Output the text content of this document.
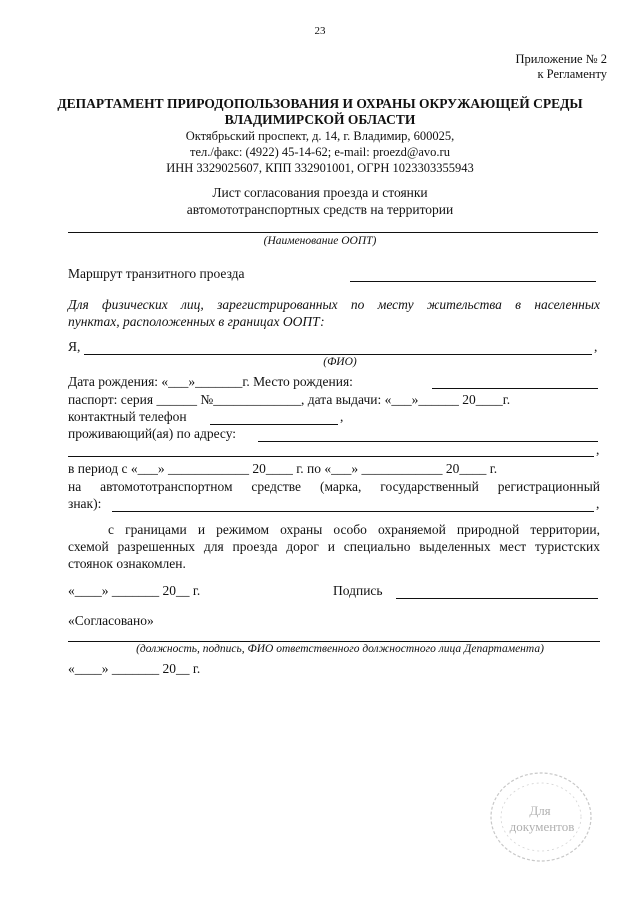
23
Приложение № 2
к Регламенту
ДЕПАРТАМЕНТ ПРИРОДОПОЛЬЗОВАНИЯ И ОХРАНЫ ОКРУЖАЮЩЕЙ СРЕДЫ
ВЛАДИМИРСКОЙ ОБЛАСТИ
Октябрьский проспект, д. 14, г. Владимир, 600025,
тел./факс: (4922) 45-14-62; e-mail: proezd@avo.ru
ИНН 3329025607, КПП 332901001, ОГРН 1023303355943
Лист согласования проезда и стоянки
автомототранспортных средств на территории
(Наименование ООПТ)
Маршрут транзитного проезда
Для физических лиц, зарегистрированных по месту жительства в населенных
пунктах, расположенных в границах ООПТ:
Я,	,
(ФИО)
Дата рождения: «___»_______г. Место рождения:
паспорт: серия ______ №_____________, дата выдачи: «___»______ 20____г.
контактный телефон	,
проживающий(ая) по адресу:
,
в период с «___» ____________ 20____ г. по «___» ____________ 20____ г.
на автомототранспортном средстве (марка, государственный регистрационный
знак):	,
с границами и режимом охраны особо охраняемой природной территории,
схемой разрешенных для проезда дорог и специально выделенных мест туристских
стоянок ознакомлен.
«____» _______ 20__ г.	Подпись
«Согласовано»
(должность, подпись, ФИО ответственного должностного лица Департамента)
«____» _______ 20__ г.
Для
документов
